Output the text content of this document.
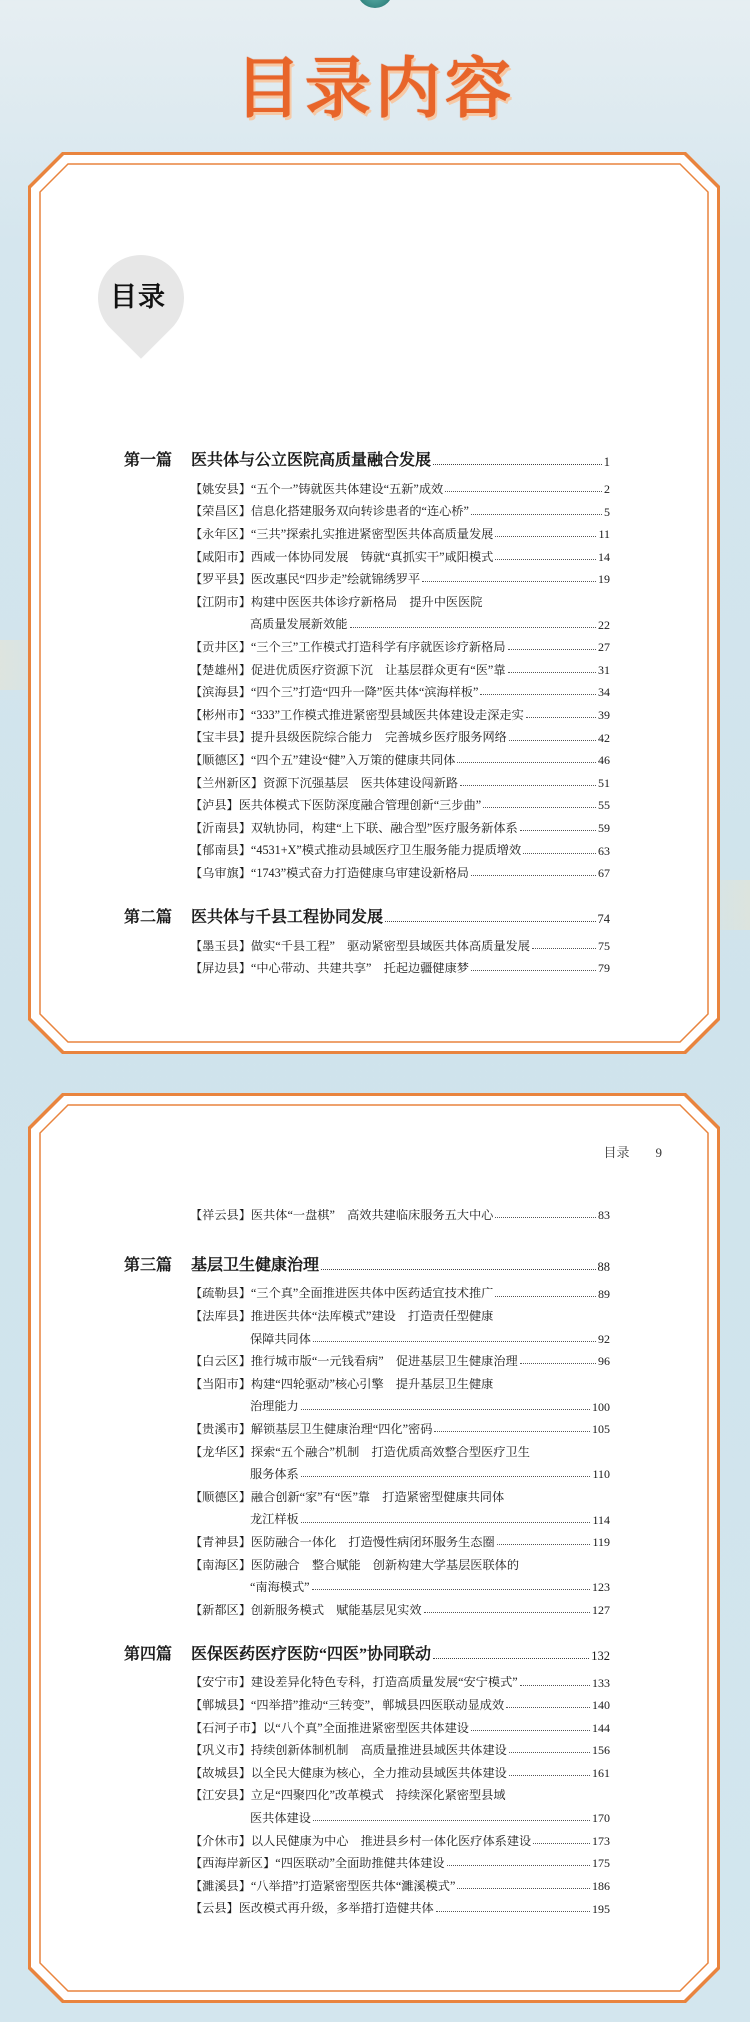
目录内容
目录
目录 9
第一篇	医共体与公立医院高质量融合发展	1
【姚安县】“五个一”铸就医共体建设“五新”成效	2
【荣昌区】信息化搭建服务双向转诊患者的“连心桥”	5
【永年区】“三共”探索扎实推进紧密型医共体高质量发展	11
【咸阳市】西咸一体协同发展　铸就“真抓实干”咸阳模式	14
【罗平县】医改惠民“四步走”绘就锦绣罗平	19
【江阴市】构建中医医共体诊疗新格局　提升中医医院
高质量发展新效能	22
【贡井区】“三个三”工作模式打造科学有序就医诊疗新格局	27
【楚雄州】促进优质医疗资源下沉　让基层群众更有“医”靠	31
【滨海县】“四个三”打造“四升一降”医共体“滨海样板”	34
【彬州市】“333”工作模式推进紧密型县域医共体建设走深走实	39
【宝丰县】提升县级医院综合能力　完善城乡医疗服务网络	42
【顺德区】“四个五”建设“健”入万策的健康共同体	46
【兰州新区】资源下沉强基层　医共体建设闯新路	51
【泸县】医共体模式下医防深度融合管理创新“三步曲”	55
【沂南县】双轨协同，构建“上下联、融合型”医疗服务新体系	59
【郁南县】“4531+X”模式推动县域医疗卫生服务能力提质增效	63
【乌审旗】“1743”模式奋力打造健康乌审建设新格局	67
第二篇	医共体与千县工程协同发展	74
【墨玉县】做实“千县工程”　驱动紧密型县域医共体高质量发展	75
【屏边县】“中心带动、共建共享”　托起边疆健康梦	79
【祥云县】医共体“一盘棋”　高效共建临床服务五大中心	83
第三篇	基层卫生健康治理	88
【疏勒县】“三个真”全面推进医共体中医药适宜技术推广	89
【法库县】推进医共体“法库模式”建设　打造责任型健康
保障共同体	92
【白云区】推行城市版“一元钱看病”　促进基层卫生健康治理	96
【当阳市】构建“四轮驱动”核心引擎　提升基层卫生健康
治理能力	100
【贵溪市】解锁基层卫生健康治理“四化”密码	105
【龙华区】探索“五个融合”机制　打造优质高效整合型医疗卫生
服务体系	110
【顺德区】融合创新“家”有“医”靠　打造紧密型健康共同体
龙江样板	114
【青神县】医防融合一体化　打造慢性病闭环服务生态圈	119
【南海区】医防融合　整合赋能　创新构建大学基层医联体的
“南海模式”	123
【新都区】创新服务模式　赋能基层见实效	127
第四篇	医保医药医疗医防“四医”协同联动	132
【安宁市】建设差异化特色专科，打造高质量发展“安宁模式”	133
【郸城县】“四举措”推动“三转变”，郸城县四医联动显成效	140
【石河子市】以“八个真”全面推进紧密型医共体建设	144
【巩义市】持续创新体制机制　高质量推进县域医共体建设	156
【故城县】以全民大健康为核心，全力推动县域医共体建设	161
【江安县】立足“四聚四化”改革模式　持续深化紧密型县域
医共体建设	170
【介休市】以人民健康为中心　推进县乡村一体化医疗体系建设	173
【西海岸新区】“四医联动”全面助推健共体建设	175
【濉溪县】“八举措”打造紧密型医共体“濉溪模式”	186
【云县】医改模式再升级，多举措打造健共体	195
